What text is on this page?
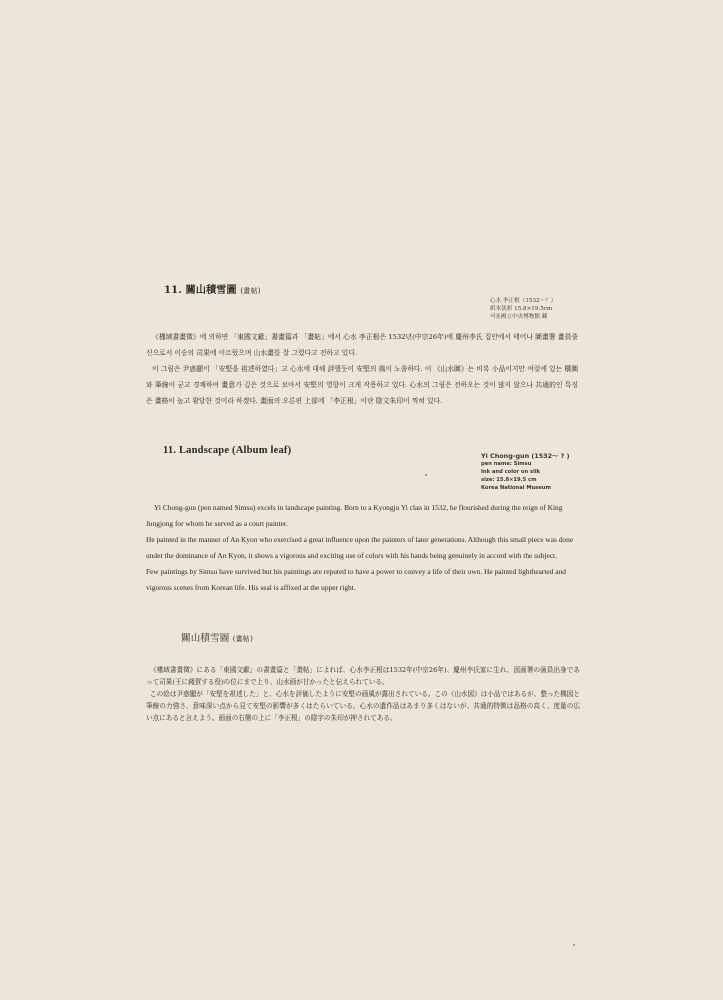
11. 關山積雪圖 (畫帖)
心水 李正根（1532～？）
紙本淡彩 15.8×19.5cm
서울國立中央博物館 藏

《槿域書畫徵》에 의하면 「東國文獻」書畫篇과 「畫帖」에서 心水 李正根은 1532년(中宗26年)에 慶州李氏 집안에서 태어나 圖畫署 畫員출신으로서 이승의 司果에 이르렀으며 山水畫를 잘 그렸다고 전하고 있다.

이 그림은 尹惑顯이 「安堅을 祖述하였다」고 心水에 대해 評했듯이 安堅의 風이 노출하다. 이 《山水圖》는 비록 小品이지만 여럿에 있는 構圖와 筆線이 굳고 경쾌하여 畫意가 깊은 것으로 보아서 安堅의 영향이 크게 작용하고 있다. 心水의 그림은 전하오는 것이 많지 않으나 共通的인 특징은 畫格이 높고 활달한 것이라 하겠다. 畫面의 오른편 上部에 「李正根」이란 陰文朱印이 찍혀 있다.

11. Landscape (Album leaf)	Yi Chong-gun (1532～ ? )
pen name: Simsu
Ink and color on silk
size: 15.8×19.5 cm
Korea National Museum

Yi Chong-gun (pen named Simsu) excels in landscape painting. Born to a Kyongju Yi clan in 1532, he flourished during the reign of King Jungjong for whom he served as a court painter.

He painted in the manner of An Kyon who exercised a great influence upon the painters of later generations. Although this small piece was done under the dominance of An Kyon, it shows a vigorous and exciting use of colors with his hands being genuinely in accord with the subject.

Few paintings by Simsu have survived but his paintings are reputed to have a power to convey a life of their own. He painted lighthearted and vigorous scenes from Korean life. His seal is affixed at the upper right.

關山積雪圖 (畫帖)

《槿域書畫徵》にある「東國文獻」の書畫篇と「畫帖」によれば、心水李正根は1532年(中宗26年)、慶州李氏家に生れ、図画署の画員出身であって司果(王に錢賀する役)の位にまで上り、山水画が甘かったと伝えられている。

この絵は尹惑顯が「安堅を祖述した」と、心水を評価したように安堅の画風が露出されている。この《山水図》は小品ではあるが、整った構図と筆線の力強さ、意味深い点から見て安堅の影響が多くはたらいている。心水の遺作品はあまり多くはないが、共通的特徴は品格の高く、度量の広い点にあると言えよう。画面の右側の上に「李正根」の陰字の朱印が押されてある。
